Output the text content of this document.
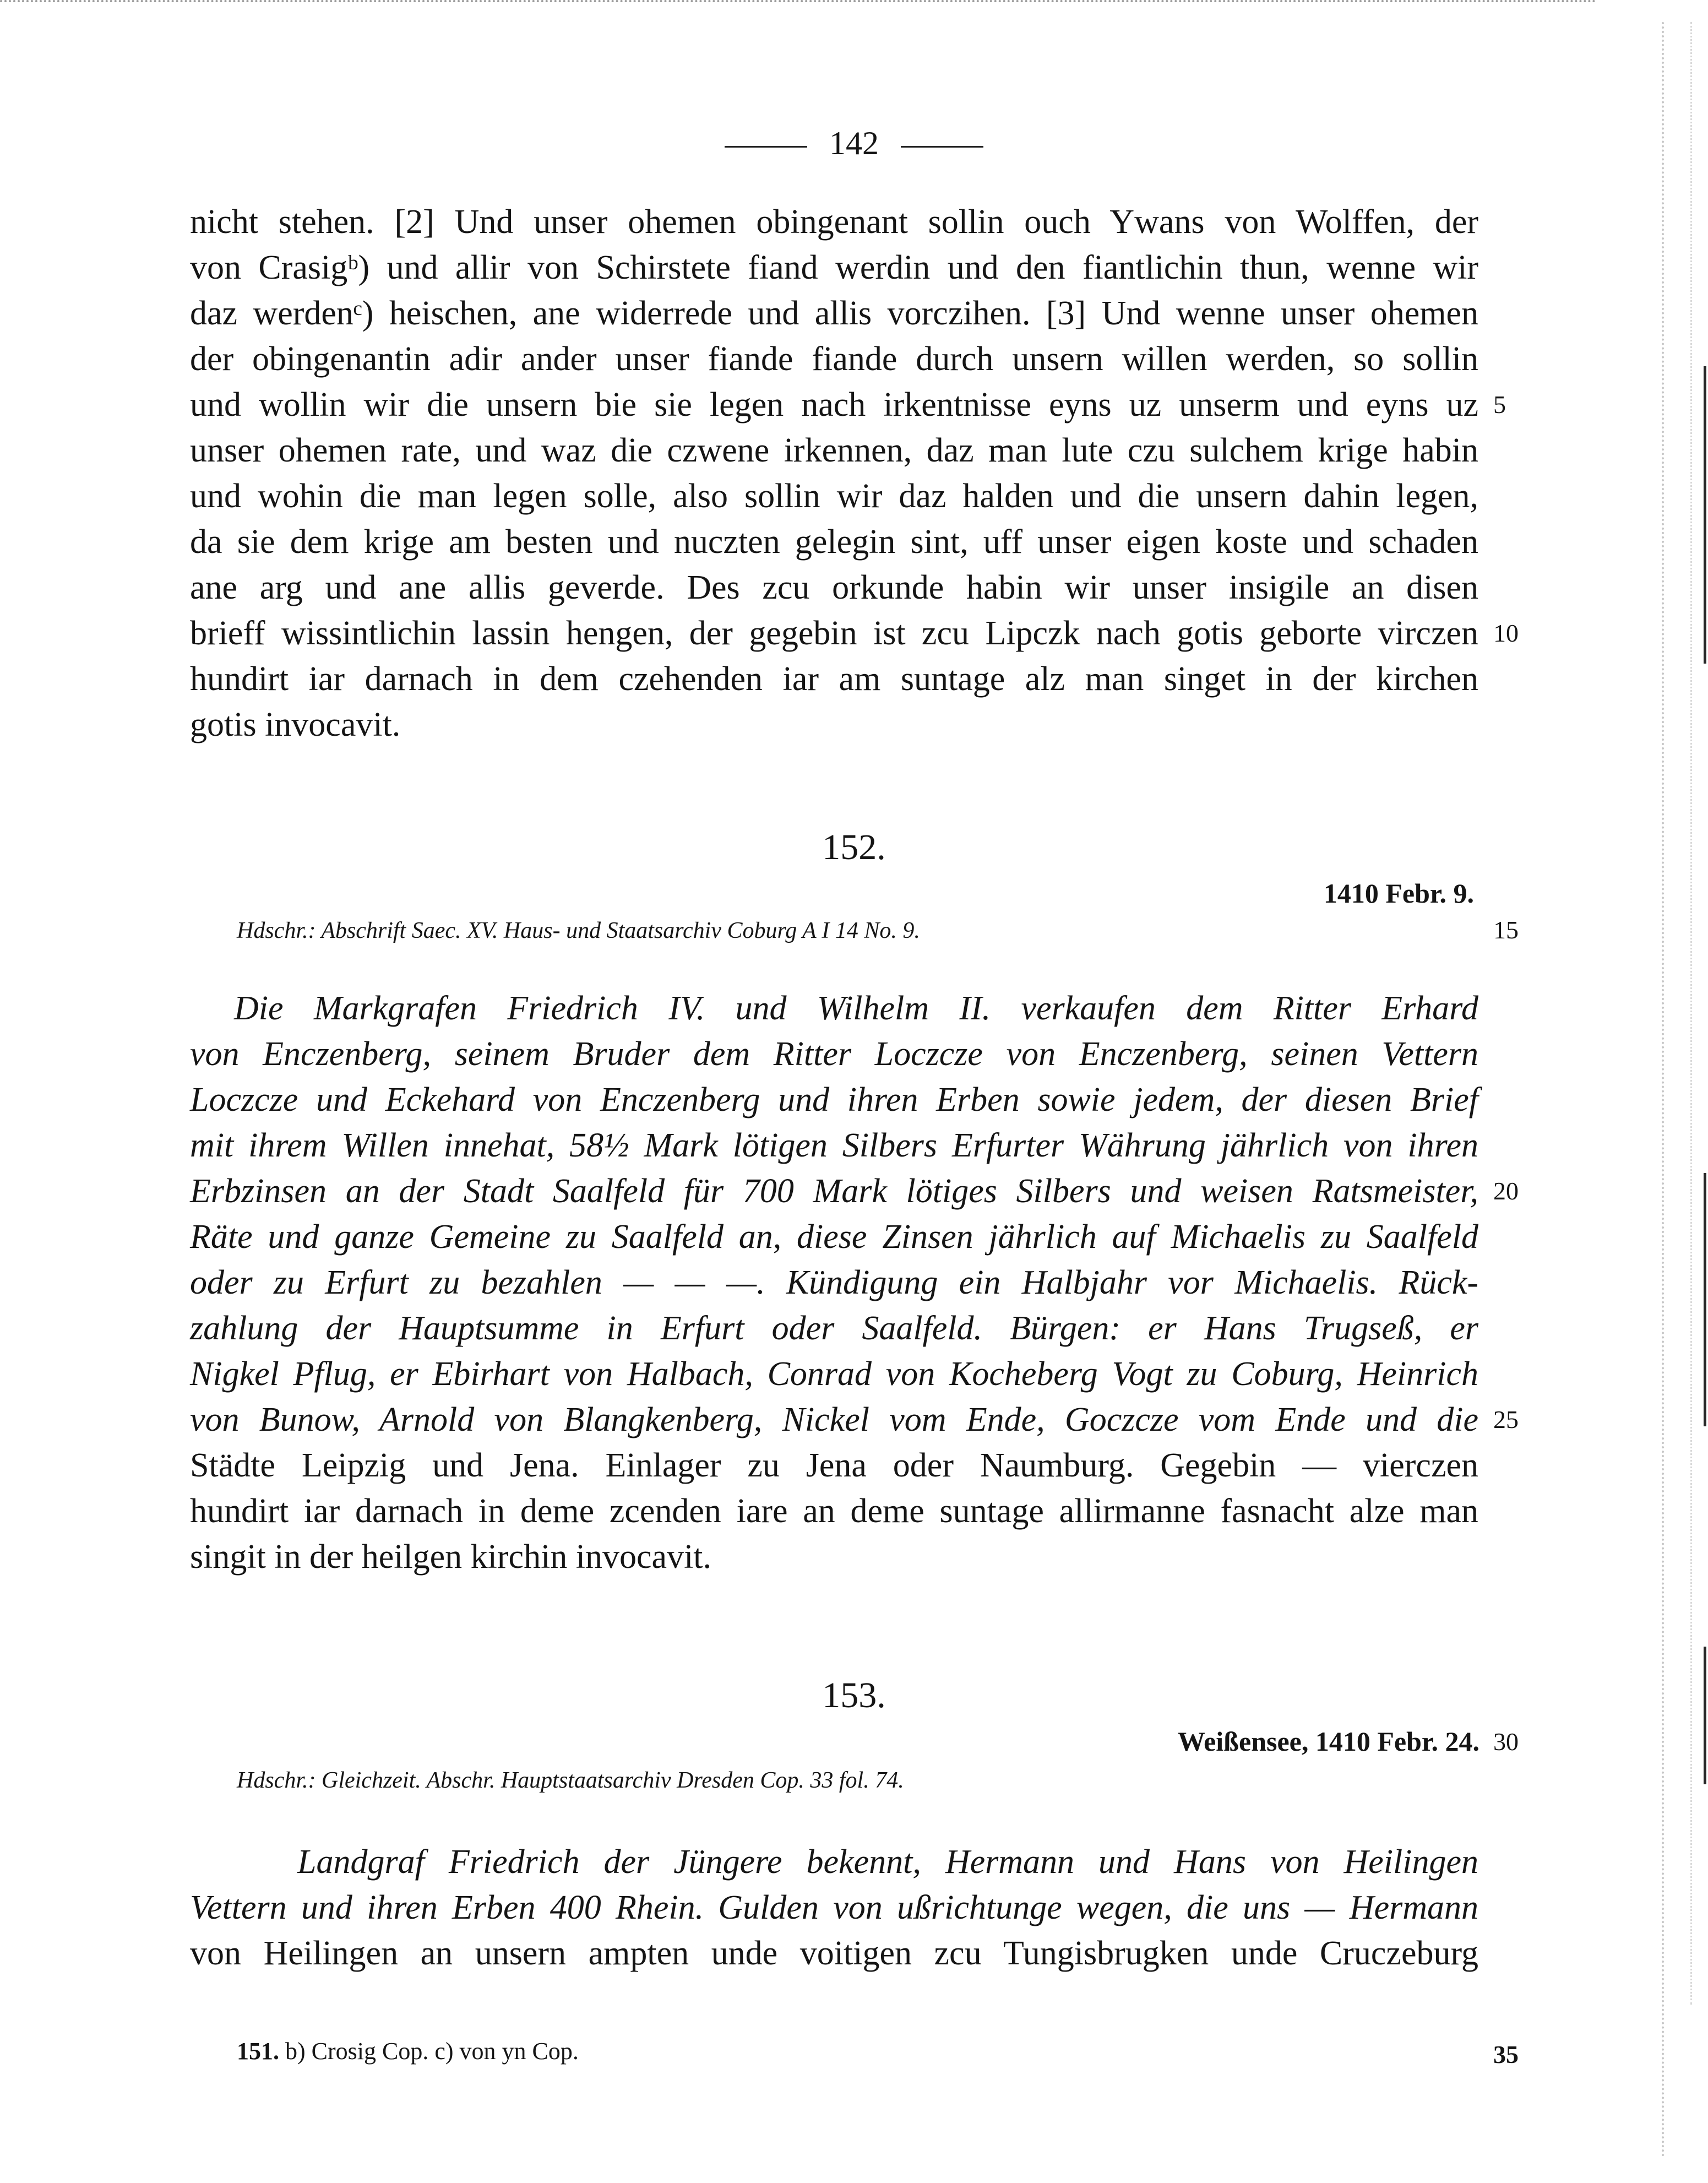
142
nicht stehen. [2] Und unser ohemen obingenant sollin ouch Ywans von Wolffen, der
von Crasigᵇ) und allir von Schirstete fiand werdin und den fiantlichin thun, wenne wir
daz werdenᶜ) heischen, ane widerrede und allis vorczihen. [3] Und wenne unser ohemen
der obingenantin adir ander unser fiande fiande durch unsern willen werden, so sollin
und wollin wir die unsern bie sie legen nach irkentnisse eyns uz unserm und eyns uz 5
unser ohemen rate, und waz die czwene irkennen, daz man lute czu sulchem krige habin
und wohin die man legen solle, also sollin wir daz halden und die unsern dahin legen,
da sie dem krige am besten und nuczten gelegin sint, uff unser eigen koste und schaden
ane arg und ane allis geverde. Des zcu orkunde habin wir unser insigile an disen
brieff wissintlichin lassin hengen, der gegebin ist zcu Lipczk nach gotis geborte virczen 10
hundirt iar darnach in dem czehenden iar am suntage alz man singet in der kirchen
gotis invocavit.
152.
1410 Febr. 9.
Hdschr.: Abschrift Saec. XV. Haus- und Staatsarchiv Coburg A I 14 No. 9.	15
Die Markgrafen Friedrich IV. und Wilhelm II. verkaufen dem Ritter Erhard
von Enczenberg, seinem Bruder dem Ritter Loczcze von Enczenberg, seinen Vettern
Loczcze und Eckehard von Enczenberg und ihren Erben sowie jedem, der diesen Brief
mit ihrem Willen innehat, 58½ Mark lötigen Silbers Erfurter Währung jährlich von ihren
Erbzinsen an der Stadt Saalfeld für 700 Mark lötiges Silbers und weisen Ratsmeister, 20
Räte und ganze Gemeine zu Saalfeld an, diese Zinsen jährlich auf Michaelis zu Saalfeld
oder zu Erfurt zu bezahlen — — —. Kündigung ein Halbjahr vor Michaelis. Rück-
zahlung der Hauptsumme in Erfurt oder Saalfeld. Bürgen: er Hans Trugseß, er
Nigkel Pflug, er Ebirhart von Halbach, Conrad von Kocheberg Vogt zu Coburg, Heinrich
von Bunow, Arnold von Blangkenberg, Nickel vom Ende, Goczcze vom Ende und die 25
Städte Leipzig und Jena. Einlager zu Jena oder Naumburg. Gegebin — vierczen
hundirt iar darnach in deme zcenden iare an deme suntage allirmanne fasnacht alze man
singit in der heilgen kirchin invocavit.
153.
Weißensee, 1410 Febr. 24. 30
Hdschr.: Gleichzeit. Abschr. Hauptstaatsarchiv Dresden Cop. 33 fol. 74.
Landgraf Friedrich der Jüngere bekennt, Hermann und Hans von Heilingen
Vettern und ihren Erben 400 Rhein. Gulden von ußrichtunge wegen, die uns — Hermann
von Heilingen an unsern ampten unde voitigen zcu Tungisbrugken unde Cruczeburg
151. b) Crosig Cop. c) von yn Cop.	35
